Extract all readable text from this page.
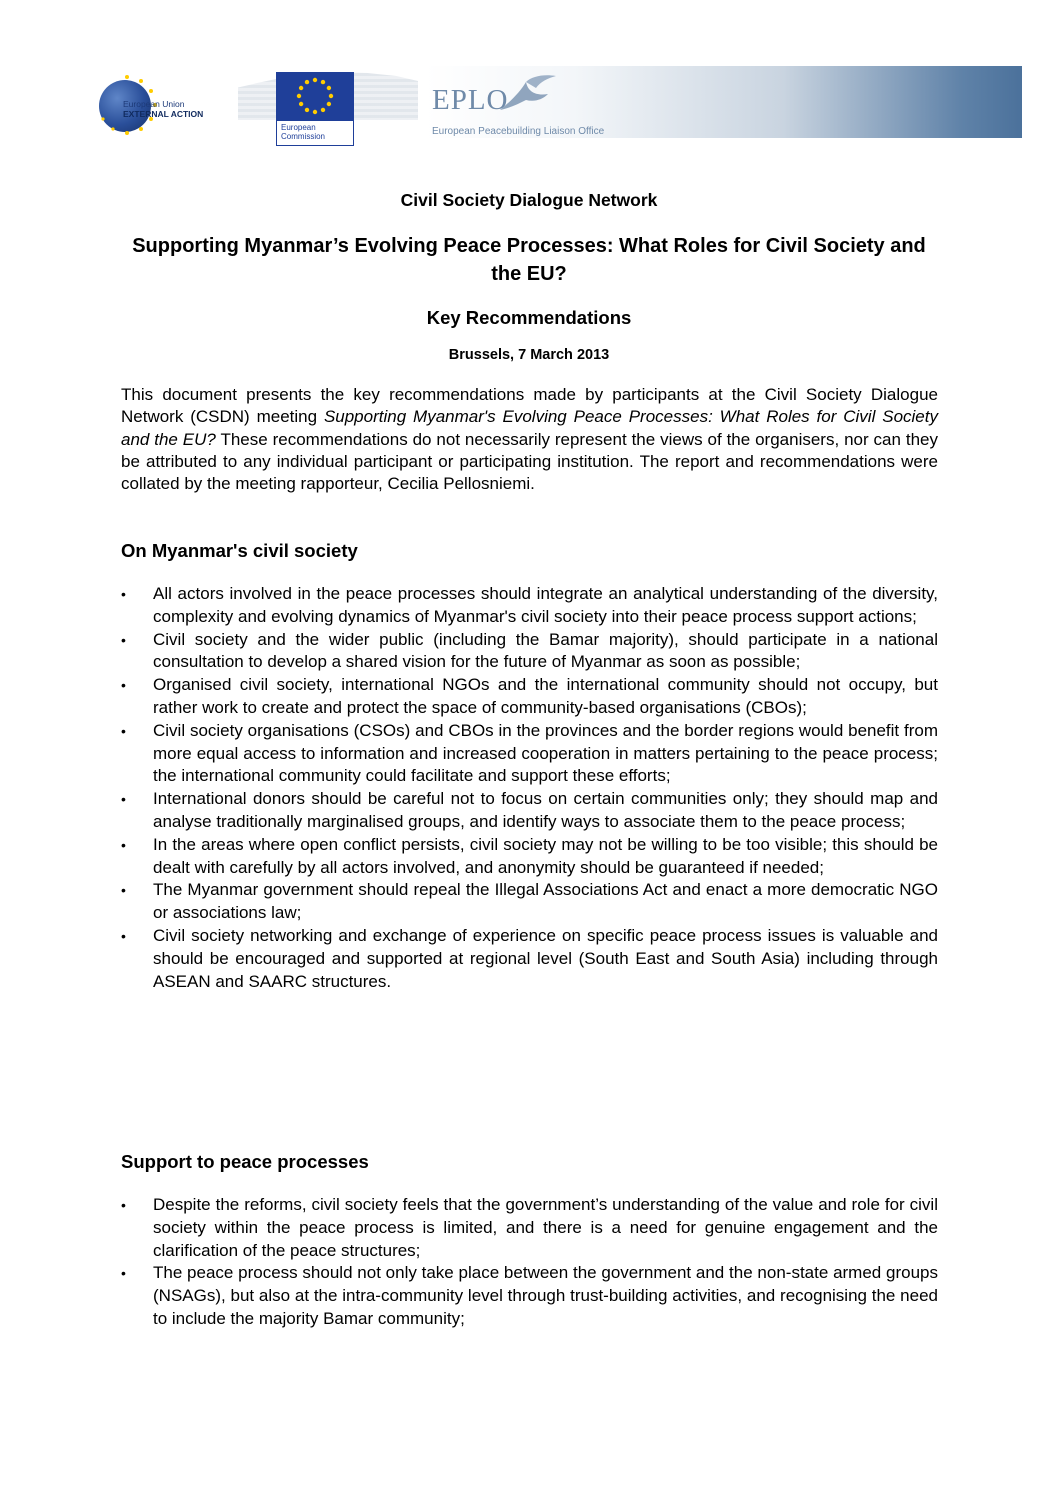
European Union
EXTERNAL ACTION
European
Commission
EPLO
European Peacebuilding Liaison Office
Civil Society Dialogue Network
Supporting Myanmar’s Evolving Peace Processes: What Roles for Civil Society and the EU?
Key Recommendations
Brussels, 7 March 2013

This document presents the key recommendations made by participants at the Civil Society Dialogue Network (CSDN) meeting Supporting Myanmar's Evolving Peace Processes: What Roles for Civil Society and the EU? These recommendations do not necessarily represent the views of the organisers, nor can they be attributed to any individual participant or participating institution. The report and recommendations were collated by the meeting rapporteur, Cecilia Pellosniemi.

On Myanmar's civil society
• All actors involved in the peace processes should integrate an analytical understanding of the diversity, complexity and evolving dynamics of Myanmar's civil society into their peace process support actions;
• Civil society and the wider public (including the Bamar majority), should participate in a national consultation to develop a shared vision for the future of Myanmar as soon as possible;
• Organised civil society, international NGOs and the international community should not occupy, but rather work to create and protect the space of community-based organisations (CBOs);
• Civil society organisations (CSOs) and CBOs in the provinces and the border regions would benefit from more equal access to information and increased cooperation in matters pertaining to the peace process; the international community could facilitate and support these efforts;
• International donors should be careful not to focus on certain communities only; they should map and analyse traditionally marginalised groups, and identify ways to associate them to the peace process;
• In the areas where open conflict persists, civil society may not be willing to be too visible; this should be dealt with carefully by all actors involved, and anonymity should be guaranteed if needed;
• The Myanmar government should repeal the Illegal Associations Act and enact a more democratic NGO or associations law;
• Civil society networking and exchange of experience on specific peace process issues is valuable and should be encouraged and supported at regional level (South East and South Asia) including through ASEAN and SAARC structures.
Support to peace processes
• Despite the reforms, civil society feels that the government’s understanding of the value and role for civil society within the peace process is limited, and there is a need for genuine engagement and the clarification of the peace structures;
• The peace process should not only take place between the government and the non-state armed groups (NSAGs), but also at the intra-community level through trust-building activities, and recognising the need to include the majority Bamar community;
